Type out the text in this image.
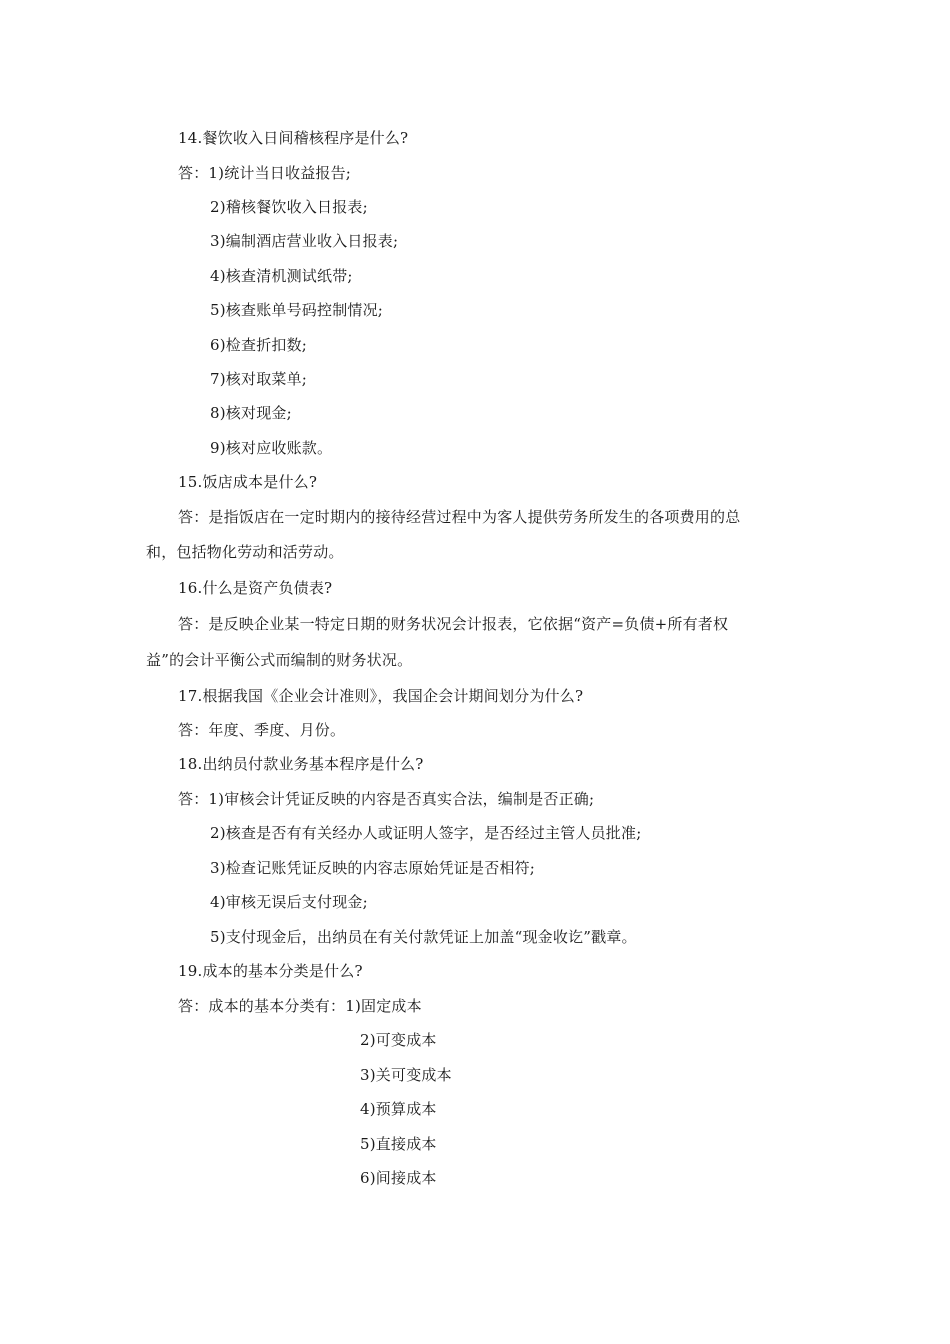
14.餐饮收入日间稽核程序是什么?
答：1)统计当日收益报告;
2)稽核餐饮收入日报表;
3)编制酒店营业收入日报表;
4)核查清机测试纸带;
5)核查账单号码控制情况;
6)检查折扣数;
7)核对取菜单;
8)核对现金;
9)核对应收账款。
15.饭店成本是什么?
答：是指饭店在一定时期内的接待经营过程中为客人提供劳务所发生的各项费用的总
和，包括物化劳动和活劳动。
16.什么是资产负债表?
答：是反映企业某一特定日期的财务状况会计报表，它依据“资产=负债+所有者权
益”的会计平衡公式而编制的财务状况。
17.根据我国《企业会计准则》，我国企会计期间划分为什么?
答：年度、季度、月份。
18.出纳员付款业务基本程序是什么?
答：1)审核会计凭证反映的内容是否真实合法，编制是否正确;
2)核查是否有有关经办人或证明人签字，是否经过主管人员批准;
3)检查记账凭证反映的内容志原始凭证是否相符;
4)审核无误后支付现金;
5)支付现金后，出纳员在有关付款凭证上加盖“现金收讫”戳章。
19.成本的基本分类是什么?
答：成本的基本分类有：1)固定成本
2)可变成本
3)关可变成本
4)预算成本
5)直接成本
6)间接成本
